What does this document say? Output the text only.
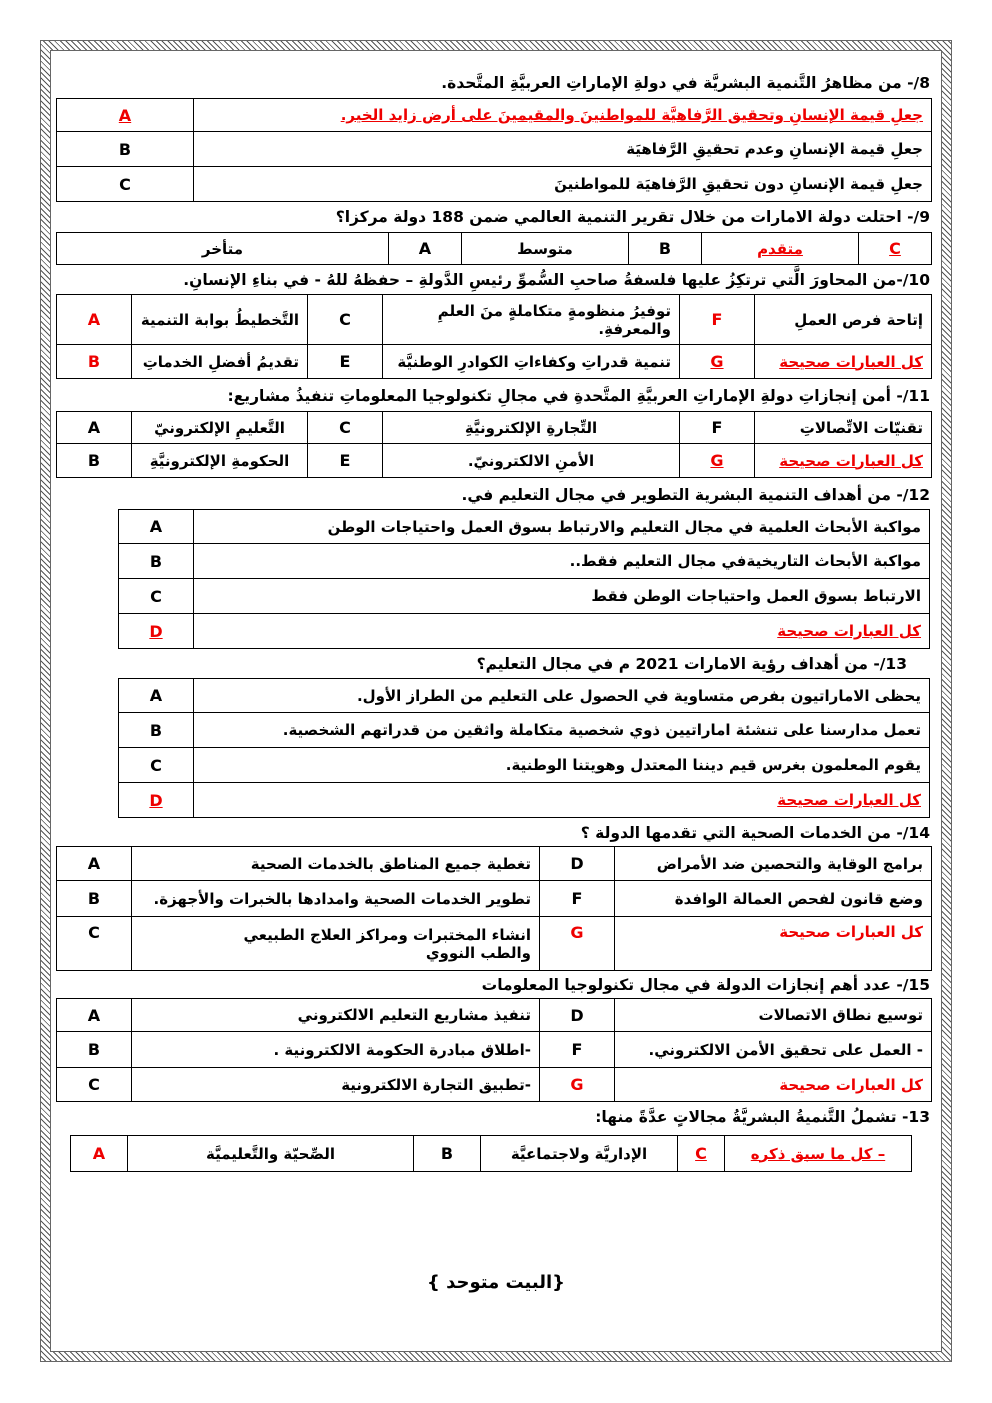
8/- من مظاهرُ التَّنمية البشريَّة في دولةِ الإماراتِ العربيَّةِ المتَّحدة.
جعلِ قيمة الإنسانِ وتحقيق الرَّفاهيَّة للمواطنينَ والمقيمينَ على أرض زايد الخير.	A
جعلِ قيمة الإنسانِ وعدم تحقيقِ الرَّفاهيَة	B
جعلِ قيمة الإنسانِ دون تحقيقِ الرَّفاهيَة للمواطنينَ	C
9/- احتلت دولة الامارات من خلال تقرير التنمية العالمي ضمن 188 دولة مركزا؟
C	متقدم	B	متوسط	A	متأخر
10/-من المحاورَ الَّتي ترتكِزُ عليها فلسفةُ صاحبِ السُّموِّ رئيسِ الدَّولةِ – حفظهُ للهُ - في بناءِ الإنسانِ.
إتاحة فرص العملِ	F	توفيرُ منظومةٍ متكاملةٍ منَ العلمِ والمعرفةِ.	C	التَّخطيطُ بوابة التنمية	A
كل العبارات صحيحة	G	تنمية قدراتِ وكفاءاتِ الكوادرِ الوطنيَّة	E	تقديمُ أفضلِ الخدماتِ	B
11/- أمن إنجازاتِ دولةِ الإماراتِ العربيَّةِ المتَّحدةِ في مجالِ تكنولوجيا المعلوماتِ تنفيذُ مشاريع:
تقنيّات الاتِّصالاتِ	F	التِّجارةِ الإلكترونيَّةِ	C	التَّعليمِ الإلكترونيّ	A
كل العبارات صحيحة	G	الأمنِ الالكترونيّ.	E	الحكومةِ الإلكترونيَّةِ	B
12/- من أهداف التنمية البشرية التطوير في مجال التعليم في.
مواكبة الأبحاث العلمية في مجال التعليم والارتباط بسوق العمل واحتياجات الوطن	A
مواكبة الأبحاث التاريخيةفي مجال التعليم فقط..	B
الارتباط بسوق العمل واحتياجات الوطن فقط	C
كل العبارات صحيحة	D
13/- من أهداف رؤية الامارات 2021 م في مجال التعليم؟
يحظى الاماراتيون بفرص متساوية في الحصول على التعليم من الطراز الأول.	A
تعمل مدارسنا على تنشئة اماراتيين ذوي شخصية متكاملة واثقين من قدراتهم الشخصية.	B
يقوم المعلمون بغرس قيم ديننا المعتدل وهويتنا الوطنية.	C
كل العبارات صحيحة	D
14/- من الخدمات الصحية التي تقدمها الدولة ؟
برامج الوقاية والتحصين ضد الأمراض	D	تغطية جميع المناطق بالخدمات الصحية	A
وضع قانون لفحص العمالة الوافدة	F	تطوير الخدمات الصحية وامدادها بالخبرات والأجهزة.	B
كل العبارات صحيحة	G	انشاء المختبرات ومراكز العلاج الطبيعي والطب النووي	C
15/- عدد أهم إنجازات الدولة في مجال تكنولوجيا المعلومات
توسيع نطاق الاتصالات	D	تنفيذ مشاريع التعليم الالكتروني	A
- العمل على تحقيق الأمن الالكتروني.	F	-اطلاق مبادرة الحكومة الالكترونية .	B
كل العبارات صحيحة	G	-تطبيق التجارة الالكترونية	C
13- تشملُ التَّنميةُ البشريَّةُ مجالاتٍ عدَّةً منها:
– كل ما سبق ذكره	C	الإداريَّة ولاجتماعيَّة	B	الصِّحيّة والتَّعليميَّة	A
{البيت متوحد }
